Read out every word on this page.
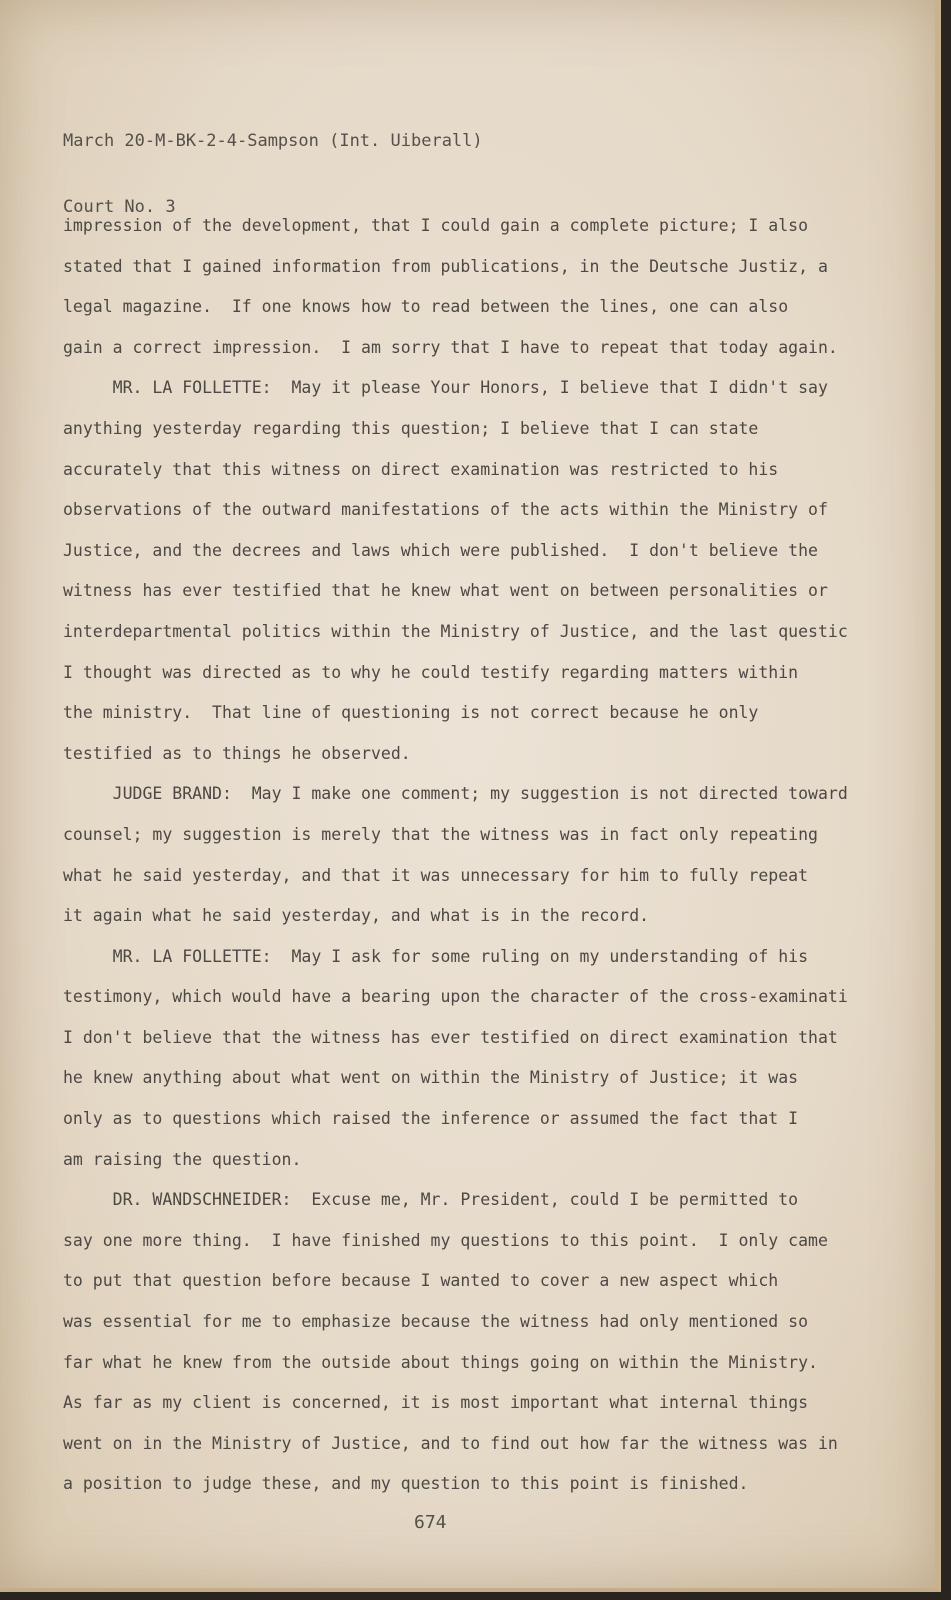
March 20-M-BK-2-4-Sampson (Int. Uiberall)

Court No. 3

impression of the development, that I could gain a complete picture; I also
stated that I gained information from publications, in the Deutsche Justiz, a
legal magazine.  If one knows how to read between the lines, one can also
gain a correct impression.  I am sorry that I have to repeat that today again.
MR. LA FOLLETTE:  May it please Your Honors, I believe that I didn't say
anything yesterday regarding this question; I believe that I can state
accurately that this witness on direct examination was restricted to his
observations of the outward manifestations of the acts within the Ministry of
Justice, and the decrees and laws which were published.  I don't believe the
witness has ever testified that he knew what went on between personalities or
interdepartmental politics within the Ministry of Justice, and the last questic
I thought was directed as to why he could testify regarding matters within
the ministry.  That line of questioning is not correct because he only
testified as to things he observed.
JUDGE BRAND:  May I make one comment; my suggestion is not directed toward
counsel; my suggestion is merely that the witness was in fact only repeating
what he said yesterday, and that it was unnecessary for him to fully repeat
it again what he said yesterday, and what is in the record.
MR. LA FOLLETTE:  May I ask for some ruling on my understanding of his
testimony, which would have a bearing upon the character of the cross-examinati
I don't believe that the witness has ever testified on direct examination that
he knew anything about what went on within the Ministry of Justice; it was
only as to questions which raised the inference or assumed the fact that I
am raising the question.
DR. WANDSCHNEIDER:  Excuse me, Mr. President, could I be permitted to
say one more thing.  I have finished my questions to this point.  I only came
to put that question before because I wanted to cover a new aspect which
was essential for me to emphasize because the witness had only mentioned so
far what he knew from the outside about things going on within the Ministry.
As far as my client is concerned, it is most important what internal things
went on in the Ministry of Justice, and to find out how far the witness was in
a position to judge these, and my question to this point is finished.
674
